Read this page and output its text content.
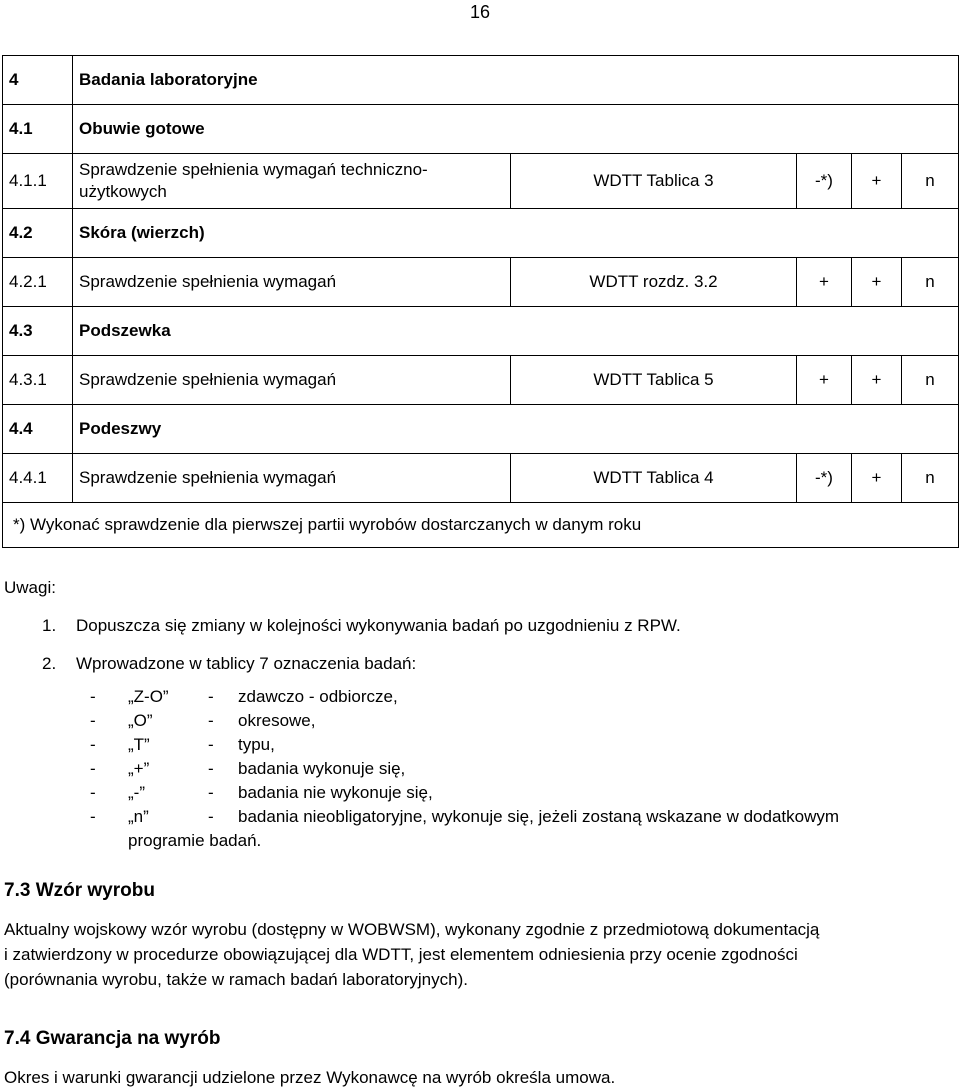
16
4	Badania laboratoryjne				
4.1	Obuwie gotowe				
4.1.1	Sprawdzenie spełnienia wymagań techniczno-użytkowych	WDTT Tablica 3	-*)	+	n
4.2	Skóra (wierzch)				
4.2.1	Sprawdzenie spełnienia wymagań	WDTT rozdz. 3.2	+	+	n
4.3	Podszewka				
4.3.1	Sprawdzenie spełnienia wymagań	WDTT Tablica 5	+	+	n
4.4	Podeszwy				
4.4.1	Sprawdzenie spełnienia wymagań	WDTT Tablica 4	-*)	+	n
*) Wykonać sprawdzenie dla pierwszej partii wyrobów dostarczanych w danym roku					
Uwagi:
1. Dopuszcza się zmiany w kolejności wykonywania badań po uzgodnieniu z RPW.
2. Wprowadzone w tablicy 7 oznaczenia badań:
-	„Z-O”	-	zdawczo - odbiorcze,
-	„O”	-	okresowe,
-	„T”	-	typu,
-	„+”	-	badania wykonuje się,
-	„-”	-	badania nie wykonuje się,
-	„n”	-	badania nieobligatoryjne, wykonuje się, jeżeli zostaną wskazane w dodatkowym
programie badań.
7.3 Wzór wyrobu
Aktualny wojskowy wzór wyrobu (dostępny w WOBWSM), wykonany zgodnie z przedmiotową dokumentacją
i zatwierdzony w procedurze obowiązującej dla WDTT, jest elementem odniesienia przy ocenie zgodności
(porównania wyrobu, także w ramach badań laboratoryjnych).
7.4 Gwarancja na wyrób
Okres i warunki gwarancji udzielone przez Wykonawcę na wyrób określa umowa.
